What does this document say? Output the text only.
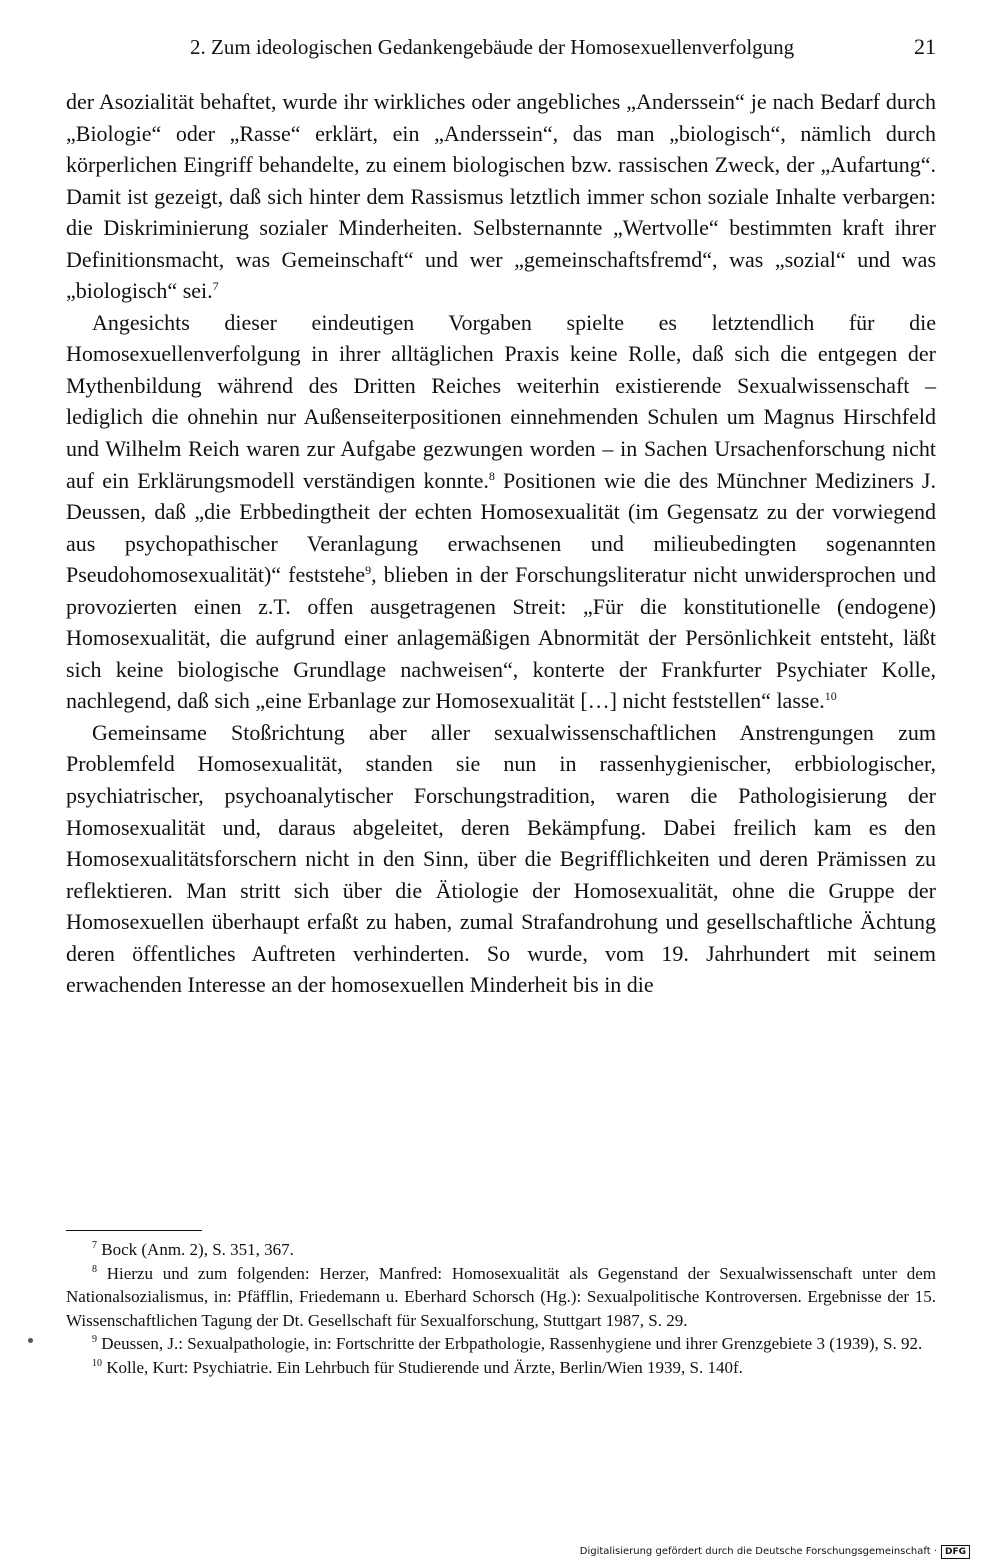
2. Zum ideologischen Gedankengebäude der Homosexuellenverfolgung	21

der Asozialität behaftet, wurde ihr wirkliches oder angebliches „Anderssein“ je nach Bedarf durch „Biologie“ oder „Rasse“ erklärt, ein „Anderssein“, das man „biologisch“, nämlich durch körperlichen Eingriff behandelte, zu einem biologischen bzw. rassischen Zweck, der „Aufartung“. Damit ist gezeigt, daß sich hinter dem Rassismus letztlich immer schon soziale Inhalte verbargen: die Diskriminierung sozialer Minderheiten. Selbsternannte „Wertvolle“ bestimmten kraft ihrer Definitionsmacht, was Gemeinschaft“ und wer „gemeinschaftsfremd“, was „sozial“ und was „biologisch“ sei.$^7$

Angesichts dieser eindeutigen Vorgaben spielte es letztendlich für die Homosexuellenverfolgung in ihrer alltäglichen Praxis keine Rolle, daß sich die entgegen der Mythenbildung während des Dritten Reiches weiterhin existierende Sexualwissenschaft – lediglich die ohnehin nur Außenseiterpositionen einnehmenden Schulen um Magnus Hirschfeld und Wilhelm Reich waren zur Aufgabe gezwungen worden – in Sachen Ursachenforschung nicht auf ein Erklärungsmodell verständigen konnte.$^8$ Positionen wie die des Münchner Mediziners J. Deussen, daß „die Erbbedingtheit der echten Homosexualität (im Gegensatz zu der vorwiegend aus psychopathischer Veranlagung erwachsenen und milieubedingten sogenannten Pseudohomosexualität)“ feststehe$^9$, blieben in der Forschungsliteratur nicht unwidersprochen und provozierten einen z.T. offen ausgetragenen Streit: „Für die konstitutionelle (endogene) Homosexualität, die aufgrund einer anlagemäßigen Abnormität der Persönlichkeit entsteht, läßt sich keine biologische Grundlage nachweisen“, konterte der Frankfurter Psychiater Kolle, nachlegend, daß sich „eine Erbanlage zur Homosexualität […] nicht feststellen“ lasse.$^{10}$

Gemeinsame Stoßrichtung aber aller sexualwissenschaftlichen Anstrengungen zum Problemfeld Homosexualität, standen sie nun in rassenhygienischer, erbbiologischer, psychiatrischer, psychoanalytischer Forschungstradition, waren die Pathologisierung der Homosexualität und, daraus abgeleitet, deren Bekämpfung. Dabei freilich kam es den Homosexualitätsforschern nicht in den Sinn, über die Begrifflichkeiten und deren Prämissen zu reflektieren. Man stritt sich über die Ätiologie der Homosexualität, ohne die Gruppe der Homosexuellen überhaupt erfaßt zu haben, zumal Strafandrohung und gesellschaftliche Ächtung deren öffentliches Auftreten verhinderten. So wurde, vom 19. Jahrhundert mit seinem erwachenden Interesse an der homosexuellen Minderheit bis in die

$^7$ Bock (Anm. 2), S. 351, 367.

$^8$ Hierzu und zum folgenden: Herzer, Manfred: Homosexualität als Gegenstand der Sexualwissenschaft unter dem Nationalsozialismus, in: Pfäfflin, Friedemann u. Eberhard Schorsch (Hg.): Sexualpolitische Kontroversen. Ergebnisse der 15. Wissenschaftlichen Tagung der Dt. Gesellschaft für Sexualforschung, Stuttgart 1987, S. 29.

$^9$ Deussen, J.: Sexualpathologie, in: Fortschritte der Erbpathologie, Rassenhygiene und ihrer Grenzgebiete 3 (1939), S. 92.

$^{10}$ Kolle, Kurt: Psychiatrie. Ein Lehrbuch für Studierende und Ärzte, Berlin/Wien 1939, S. 140f.

Digitalisierung gefördert durch die Deutsche Forschungsgemeinschaft · DFG
